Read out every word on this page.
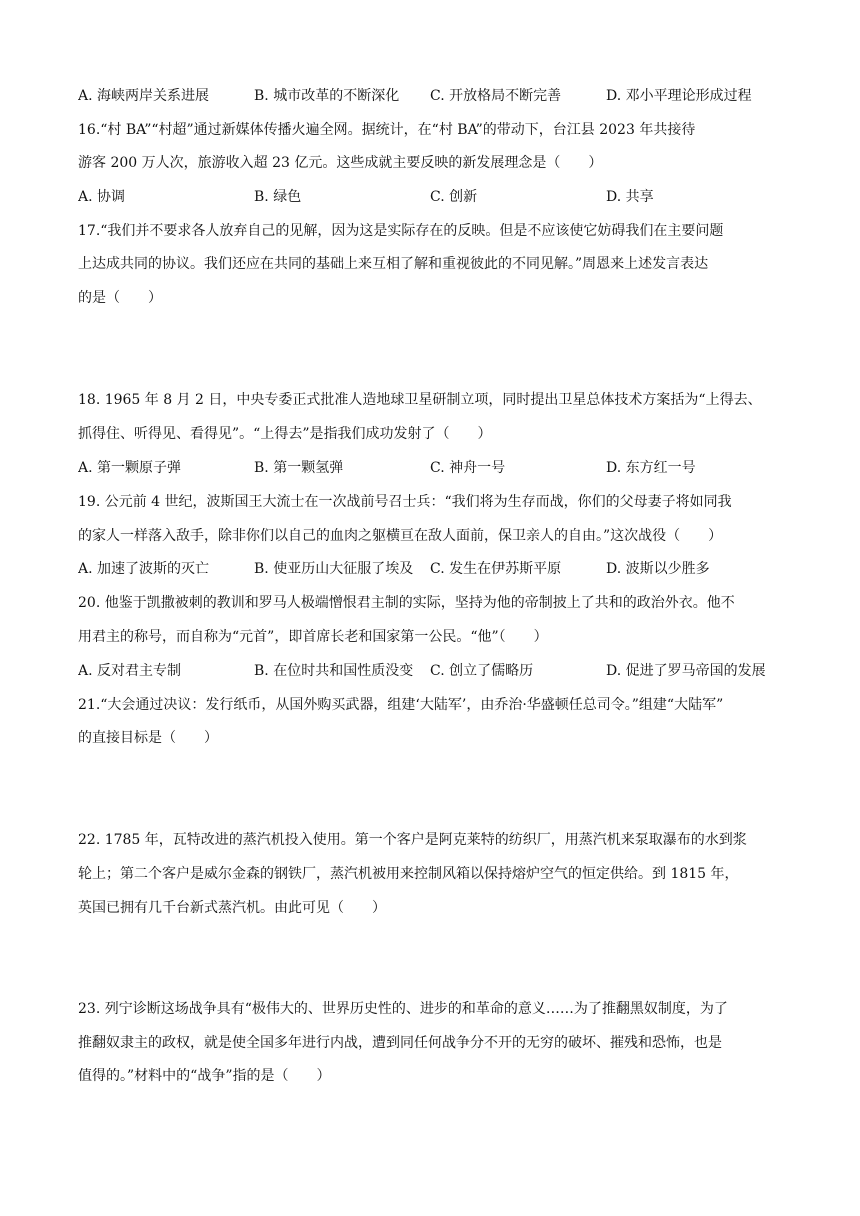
A. 海峡两岸关系进展	B. 城市改革的不断深化	C. 开放格局不断完善	D. 邓小平理论形成过程
16.“村 BA”“村超”通过新媒体传播火遍全网。据统计，在“村 BA”的带动下，台江县 2023 年共接待
游客 200 万人次，旅游收入超 23 亿元。这些成就主要反映的新发展理念是（　　）
A. 协调	B. 绿色	C. 创新	D. 共享
17.“我们并不要求各人放弃自己的见解，因为这是实际存在的反映。但是不应该使它妨碍我们在主要问题
上达成共同的协议。我们还应在共同的基础上来互相了解和重视彼此的不同见解。”周恩来上述发言表达
的是（　　）
18. 1965 年 8 月 2 日，中央专委正式批准人造地球卫星研制立项，同时提出卫星总体技术方案括为“上得去、
抓得住、听得见、看得见”。“上得去”是指我们成功发射了（　　）
A. 第一颗原子弹	B. 第一颗氢弹	C. 神舟一号	D. 东方红一号
19. 公元前 4 世纪，波斯国王大流士在一次战前号召士兵：“我们将为生存而战，你们的父母妻子将如同我
的家人一样落入敌手，除非你们以自己的血肉之躯横亘在敌人面前，保卫亲人的自由。”这次战役（　　）
A. 加速了波斯的灭亡	B. 使亚历山大征服了埃及	C. 发生在伊苏斯平原	D. 波斯以少胜多
20. 他鉴于凯撒被刺的教训和罗马人极端憎恨君主制的实际，坚持为他的帝制披上了共和的政治外衣。他不
用君主的称号，而自称为“元首”，即首席长老和国家第一公民。“他”（　　）
A. 反对君主专制	B. 在位时共和国性质没变	C. 创立了儒略历	D. 促进了罗马帝国的发展
21.“大会通过决议：发行纸币，从国外购买武器，组建‘大陆军’，由乔治·华盛顿任总司令。”组建“大陆军”
的直接目标是（　　）
22. 1785 年，瓦特改进的蒸汽机投入使用。第一个客户是阿克莱特的纺织厂，用蒸汽机来泵取瀑布的水到浆
轮上；第二个客户是威尔金森的钢铁厂，蒸汽机被用来控制风箱以保持熔炉空气的恒定供给。到 1815 年，
英国已拥有几千台新式蒸汽机。由此可见（　　）
23. 列宁诊断这场战争具有“极伟大的、世界历史性的、进步的和革命的意义……为了推翻黑奴制度，为了
推翻奴隶主的政权，就是使全国多年进行内战，遭到同任何战争分不开的无穷的破坏、摧残和恐怖，也是
值得的。”材料中的“战争”指的是（　　）
